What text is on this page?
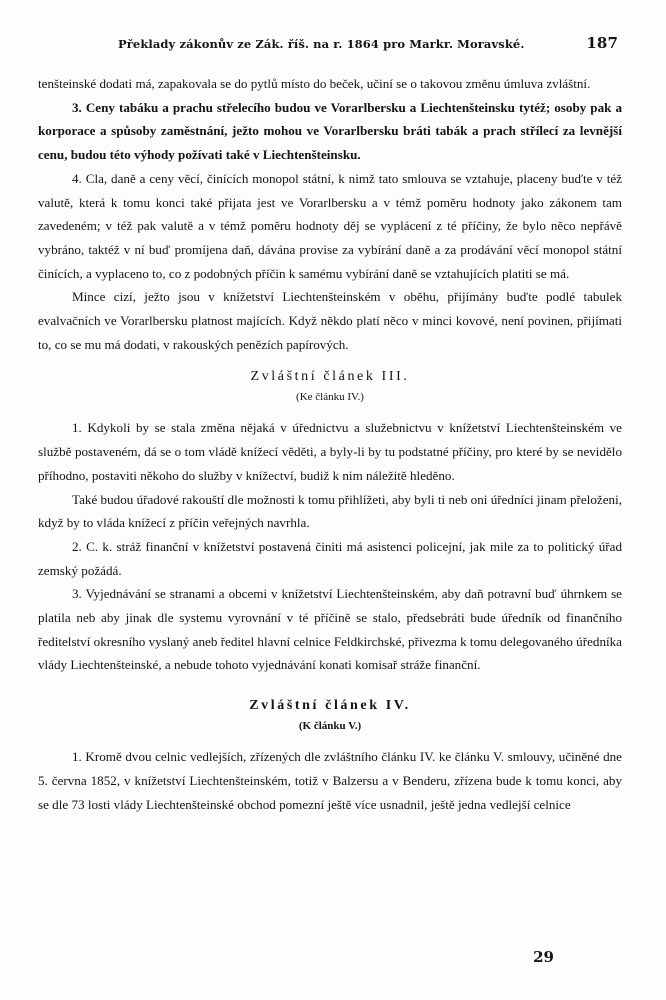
Překlady zákonův ze Zák. říš. na r. 1864 pro Markr. Moravské.	187

tenšteinské dodati má, zapakovala se do pytlů místo do beček, učiní se o takovou změnu úmluva zvláštní.

3. Ceny tabáku a prachu střelecího budou ve Vorarlbersku a Liechtenšteinsku tytéž; osoby pak a korporace a spůsoby zaměstnání, ježto mohou ve Vorarlbersku bráti tabák a prach střílecí za levnější cenu, budou této výhody požívati také v Liechtenšteinsku.

4. Cla, daně a ceny věcí, činících monopol státní, k nimž tato smlouva se vztahuje, placeny buďte v též valutě, která k tomu konci také přijata jest ve Vorarlbersku a v témž poměru hodnoty jako zákonem tam zavedeném; v též pak valutě a v témž poměru hodnoty děj se vyplácení z té příčiny, že bylo něco nepřávě vybráno, taktéž v ní buď promíjena daň, dávána provise za vybírání daně a za prodávání věcí monopol státní činících, a vyplaceno to, co z podobných příčin k samému vybírání daně se vztahujících platiti se má.

Mince cizí, ježto jsou v knížetství Liechtenšteinském v oběhu, přijímány buďte podlé tabulek evalvačních ve Vorarlbersku platnost majících. Když někdo platí něco v minci kovové, není povinen, přijímati to, co se mu má dodati, v rakouských penězích papírových.

Zvláštní článek III.
(Ke článku IV.)

1. Kdykoli by se stala změna nějaká v úřednictvu a služebnictvu v knížetství Liechtenšteinském ve službě postaveném, dá se o tom vládě knížecí věděti, a byly-li by tu podstatné příčiny, pro které by se nevidělo příhodno, postaviti někoho do služby v knížectví, budiž k nim náležitě hleděno.

Také budou úřadové rakouští dle možnosti k tomu přihlížeti, aby byli ti neb oni úředníci jinam přeloženi, když by to vláda knížecí z příčin veřejných navrhla.

2. C. k. stráž finanční v knížetství postavená činiti má asistenci policejní, jak mile za to politický úřad zemský požádá.

3. Vyjednávání se stranami a obcemi v knížetství Liechtenšteinském, aby daň potravní buď úhrnkem se platila neb aby jinak dle systemu vyrovnání v té příčině se stalo, předsebráti bude úředník od finančního ředitelství okresního vyslaný aneb ředitel hlavní celnice Feldkirchské, přivezma k tomu delegovaného úředníka vlády Liechtenšteinské, a nebude tohoto vyjednávání konati komisař stráže finanční.

Zvláštní článek IV.
(K článku V.)

1. Kromě dvou celnic vedlejších, zřízených dle zvláštního článku IV. ke článku V. smlouvy, učiněné dne 5. června 1852, v knížetství Liechtenšteinském, totiž v Balzersu a v Benderu, zřízena bude k tomu konci, aby se dle 73 losti vlády Liechtenšteinské obchod pomezní ještě více usnadnil, ještě jedna vedlejší celnice

29
